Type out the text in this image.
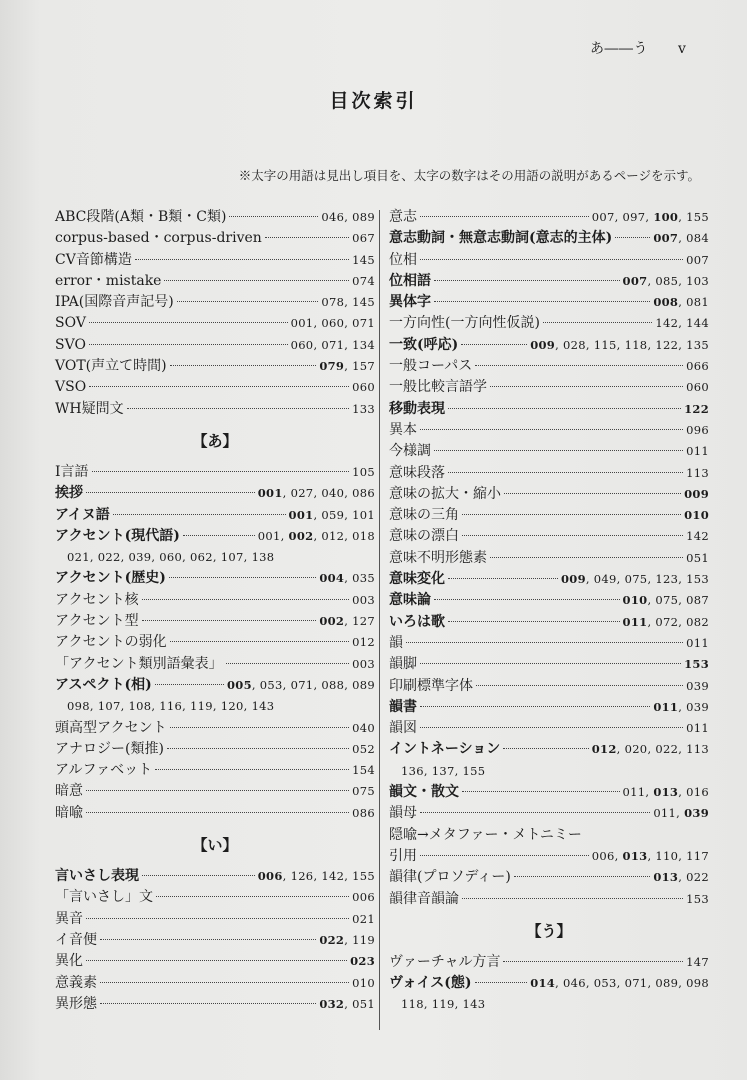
あ――う v
目次索引
※太字の用語は見出し項目を、太字の数字はその用語の説明があるページを示す。
ABC段階(A類・B類・C類)	046, 089
corpus-based・corpus-driven	067
CV音節構造	145
error・mistake	074
IPA(国際音声記号)	078, 145
SOV	001, 060, 071
SVO	060, 071, 134
VOT(声立て時間)	079, 157
VSO	060
WH疑問文	133
【あ】
I言語	105
挨拶	001, 027, 040, 086
アイヌ語	001, 059, 101
アクセント(現代語)	001, 002, 012, 018
021, 022, 039, 060, 062, 107, 138
アクセント(歴史)	004, 035
アクセント核	003
アクセント型	002, 127
アクセントの弱化	012
「アクセント類別語彙表」	003
アスペクト(相)	005, 053, 071, 088, 089
098, 107, 108, 116, 119, 120, 143
頭高型アクセント	040
アナロジー(類推)	052
アルファベット	154
暗意	075
暗喩	086
【い】
言いさし表現	006, 126, 142, 155
「言いさし」文	006
異音	021
イ音便	022, 119
異化	023
意義素	010
異形態	032, 051
意志	007, 097, 100, 155
意志動詞・無意志動詞(意志的主体)	007, 084
位相	007
位相語	007, 085, 103
異体字	008, 081
一方向性(一方向性仮説)	142, 144
一致(呼応)	009, 028, 115, 118, 122, 135
一般コーパス	066
一般比較言語学	060
移動表現	122
異本	096
今様調	011
意味段落	113
意味の拡大・縮小	009
意味の三角	010
意味の漂白	142
意味不明形態素	051
意味変化	009, 049, 075, 123, 153
意味論	010, 075, 087
いろは歌	011, 072, 082
韻	011
韻脚	153
印刷標準字体	039
韻書	011, 039
韻図	011
イントネーション	012, 020, 022, 113
136, 137, 155
韻文・散文	011, 013, 016
韻母	011, 039
隠喩→メタファー・メトニミー
引用	006, 013, 110, 117
韻律(プロソディー)	013, 022
韻律音韻論	153
【う】
ヴァーチャル方言	147
ヴォイス(態)	014, 046, 053, 071, 089, 098
118, 119, 143
